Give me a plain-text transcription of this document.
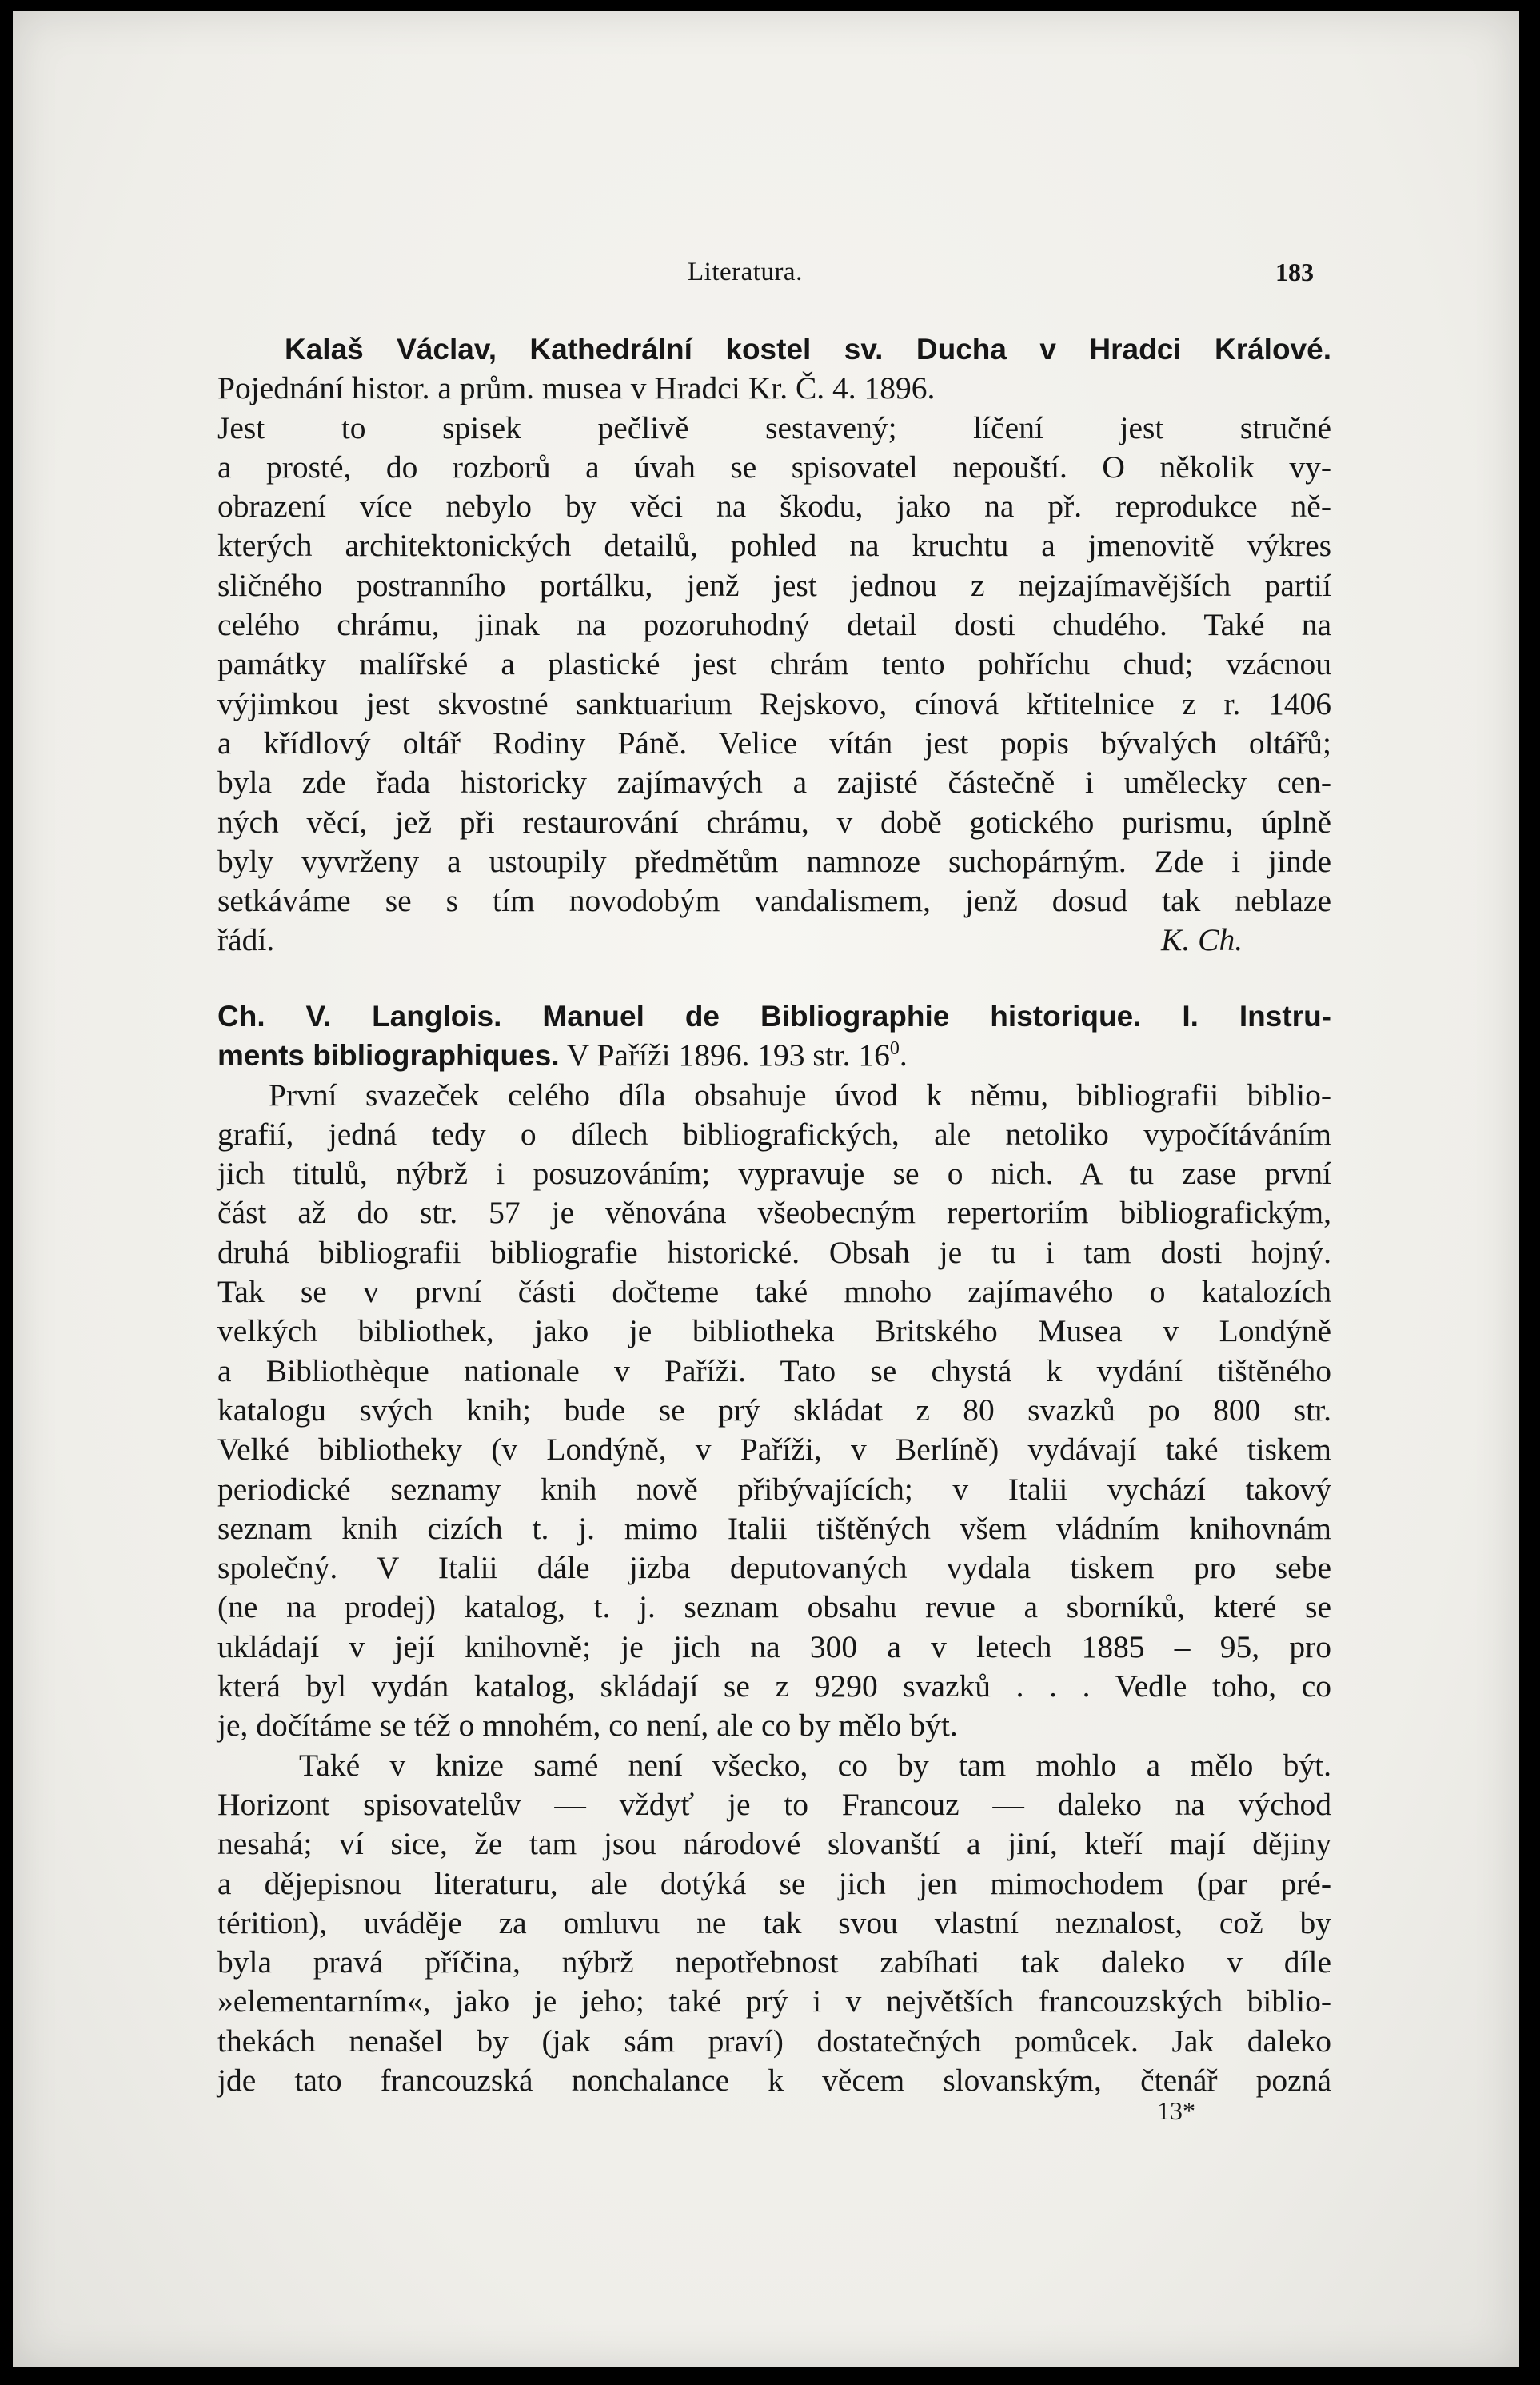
Literatura.	183
Kalaš Václav, Kathedrální kostel sv. Ducha v Hradci Králové.
Pojednání histor. a prům. musea v Hradci Kr. Č. 4. 1896.
Jest to spisek pečlivě sestavený; líčení jest stručné
a prosté, do rozborů a úvah se spisovatel nepouští. O několik vy-
obrazení více nebylo by věci na škodu, jako na př. reprodukce ně-
kterých architektonických detailů, pohled na kruchtu a jmenovitě výkres
sličného postranního portálku, jenž jest jednou z nejzajímavějších partií
celého chrámu, jinak na pozoruhodný detail dosti chudého. Také na
památky malířské a plastické jest chrám tento pohříchu chud; vzácnou
výjimkou jest skvostné sanktuarium Rejskovo, cínová křtitelnice z r. 1406
a křídlový oltář Rodiny Páně. Velice vítán jest popis bývalých oltářů;
byla zde řada historicky zajímavých a zajisté částečně i umělecky cen-
ných věcí, jež při restaurování chrámu, v době gotického purismu, úplně
byly vyvrženy a ustoupily předmětům namnoze suchopárným. Zde i jinde
setkáváme se s tím novodobým vandalismem, jenž dosud tak neblaze
řádí.	K. Ch.
Ch. V. Langlois. Manuel de Bibliographie historique. I. Instru-
ments bibliographiques. V Paříži 1896. 193 str. $16^0$.
První svazeček celého díla obsahuje úvod k němu, bibliografii biblio-
grafií, jedná tedy o dílech bibliografických, ale netoliko vypočítáváním
jich titulů, nýbrž i posuzováním; vypravuje se o nich. A tu zase první
část až do str. 57 je věnována všeobecným repertoriím bibliografickým,
druhá bibliografii bibliografie historické. Obsah je tu i tam dosti hojný.
Tak se v první části dočteme také mnoho zajímavého o katalozích
velkých bibliothek, jako je bibliotheka Britského Musea v Londýně
a Bibliothèque nationale v Paříži. Tato se chystá k vydání tištěného
katalogu svých knih; bude se prý skládat z 80 svazků po 800 str.
Velké bibliotheky (v Londýně, v Paříži, v Berlíně) vydávají také tiskem
periodické seznamy knih nově přibývajících; v Italii vychází takový
seznam knih cizích t. j. mimo Italii tištěných všem vládním knihovnám
společný. V Italii dále jizba deputovaných vydala tiskem pro sebe
(ne na prodej) katalog, t. j. seznam obsahu revue a sborníků, které se
ukládají v její knihovně; je jich na 300 a v letech 1885 – 95, pro
která byl vydán katalog, skládají se z 9290 svazků . . . Vedle toho, co
je, dočítáme se též o mnohém, co není, ale co by mělo být.
Také v knize samé není všecko, co by tam mohlo a mělo být.
Horizont spisovatelův — vždyť je to Francouz — daleko na východ
nesahá; ví sice, že tam jsou národové slovanští a jiní, kteří mají dějiny
a dějepisnou literaturu, ale dotýká se jich jen mimochodem (par pré-
térition), uváděje za omluvu ne tak svou vlastní neznalost, což by
byla pravá příčina, nýbrž nepotřebnost zabíhati tak daleko v díle
»elementarním«, jako je jeho; také prý i v největších francouzských biblio-
thekách nenašel by (jak sám praví) dostatečných pomůcek. Jak daleko
jde tato francouzská nonchalance k věcem slovanským, čtenář pozná
13*
